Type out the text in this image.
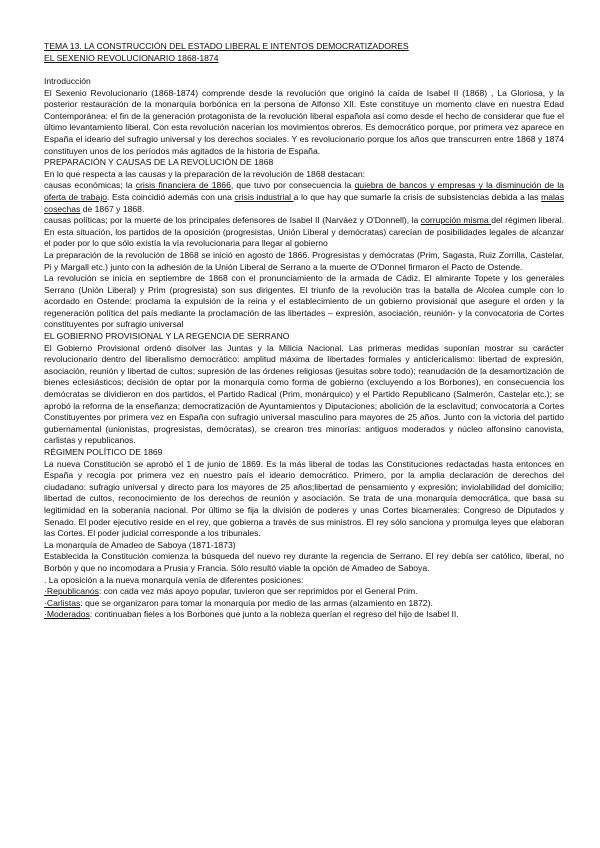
TEMA 13. LA CONSTRUCCIÓN DEL ESTADO LIBERAL E INTENTOS DEMOCRATIZADORES
EL SEXENIO REVOLUCIONARIO 1868-1874
Introducción

El Sexenio Revolucionario (1868-1874) comprende desde la revolución que originó la caída de Isabel II (1868) , La Gloriosa, y la posterior restauración de la monarquía borbónica en la persona de Alfonso XII. Este constituye un momento clave en nuestra Edad Contemporánea: el fin de la generación protagonista de la revolución liberal española así como desde el hecho de considerar que fue el último levantamiento liberal. Con esta revolución nacerían los movimientos obreros. Es democrático porque, por primera vez aparece en España el ideario del sufragio universal y los derechos sociales. Y es revolucionario porque los años que transcurren entre 1868 y 1874 constituyen unos de los períodos más agitados de la historia de España.

PREPARACIÓN Y CAUSAS DE LA REVOLUCIÓN DE 1868

En lo que respecta a las causas y la preparación de la revolución de 1868 destacan:

causas económicas; la crisis financiera de 1866, que tuvo por consecuencia la quiebra de bancos y empresas y la disminución de la oferta de trabajo. Esta coincidió además con una crisis industrial a lo que hay que sumarle la crisis de subsistencias debida a las malas cosechas de 1867 y 1868.

causas políticas; por la muerte de los principales defensores de Isabel II (Narváez y O'Donnell), la corrupción misma del régimen liberal. En esta situación, los partidos de la oposición (progresistas, Unión Liberal y demócratas) carecían de posibilidades legales de alcanzar el poder por lo que sólo existía la vía revolucionaria para llegar al gobierno

La preparación de la revolución de 1868 se inició en agosto de 1866. Progresistas y demócratas (Prim, Sagasta, Ruiz Zorrilla, Castelar, Pi y Margall etc.) junto con la adhesión de la Unión Liberal de Serrano a la muerte de O'Donnel firmaron el Pacto de Ostende.

La revolución se inicia en septiembre de 1868 con el pronunciamiento de la armada de Cádiz. El almirante Topete y los generales Serrano (Unión Liberal) y Prim (progresista) son sus dirigentes. El triunfo de la revolución tras la batalla de Alcolea cumple con lo acordado en Ostende: proclama la expulsión de la reina y el establecimiento de un gobierno provisional que asegure el orden y la regeneración política del país mediante la proclamación de las libertades – expresión, asociación, reunión- y la convocatoria de Cortes constituyentes por sufragio universal

EL GOBIERNO PROVISIONAL Y LA REGENCIA DE SERRANO

El Gobierno Provisional ordenó disolver las Juntas y la Milicia Nacional. Las primeras medidas suponían mostrar su carácter revolucionario dentro del liberalismo democrático: amplitud máxima de libertades formales y anticlericalismo: libertad de expresión, asociación, reunión y libertad de cultos; supresión de las órdenes religiosas (jesuitas sobre todo); reanudación de la desamortización de bienes eclesiásticos; decisión de optar por la monarquía como forma de gobierno (excluyendo a los Borbones), en consecuencia los demócratas se dividieron en dos partidos, el Partido Radical (Prim, monárquico) y el Partido Republicano (Salmerón, Castelar etc.); se aprobó la reforma de la enseñanza; democratización de Ayuntamientos y Diputaciones; abolición de la esclavitud; convocatoria a Cortes Constituyentes por primera vez en España con sufragio universal masculino para mayores de 25 años. Junto con la victoria del partido gubernamental (unionistas, progresistas, demócratas), se crearon tres minorías: antiguos moderados y núcleo alfonsino canovista, carlistas y republicanos.

RÉGIMEN POLÍTICO DE 1869

La nueva Constitución se aprobó el 1 de junio de 1869. Es la más liberal de todas las Constituciones redactadas hasta entonces en España y recogía por primera vez en nuestro país el ideario democrático. Primero, por la amplia declaración de derechos del ciudadano: sufragio universal y directo para los mayores de 25 años;libertad de pensamiento y expresión; inviolabilidad del domicilio; libertad de cultos, reconocimiento de los derechos de reunión y asociación. Se trata de una monarquía democrática, que basa su legitimidad en la soberanía nacional. Por último se fija la división de poderes y unas Cortes bicamerales: Congreso de Diputados y Senado. El poder ejecutivo reside en el rey, que gobierna a través de sus ministros. El rey sólo sanciona y promulga leyes que elaboran las Cortes. El poder judicial corresponde a los tribunales.

La monarquía de Amadeo de Saboya (1871-1873)

Establecida la Constitución comienza la búsqueda del nuevo rey durante la regencia de Serrano. El rey debía ser católico, liberal, no Borbón y que no incomodara a Prusia y Francia. Sólo resultó viable la opción de Amadeo de Saboya.

. La oposición a la nueva monarquía venía de diferentes posiciones:

·Republicanos: con cada vez más apoyo popular, tuvieron que ser reprimidos por el General Prim.

·Carlistas: que se organizaron para tomar la monarquía por medio de las armas (alzamiento en 1872).

·Moderados: continuaban fieles a los Borbones que junto a la nobleza querían el regreso del hijo de Isabel II.
